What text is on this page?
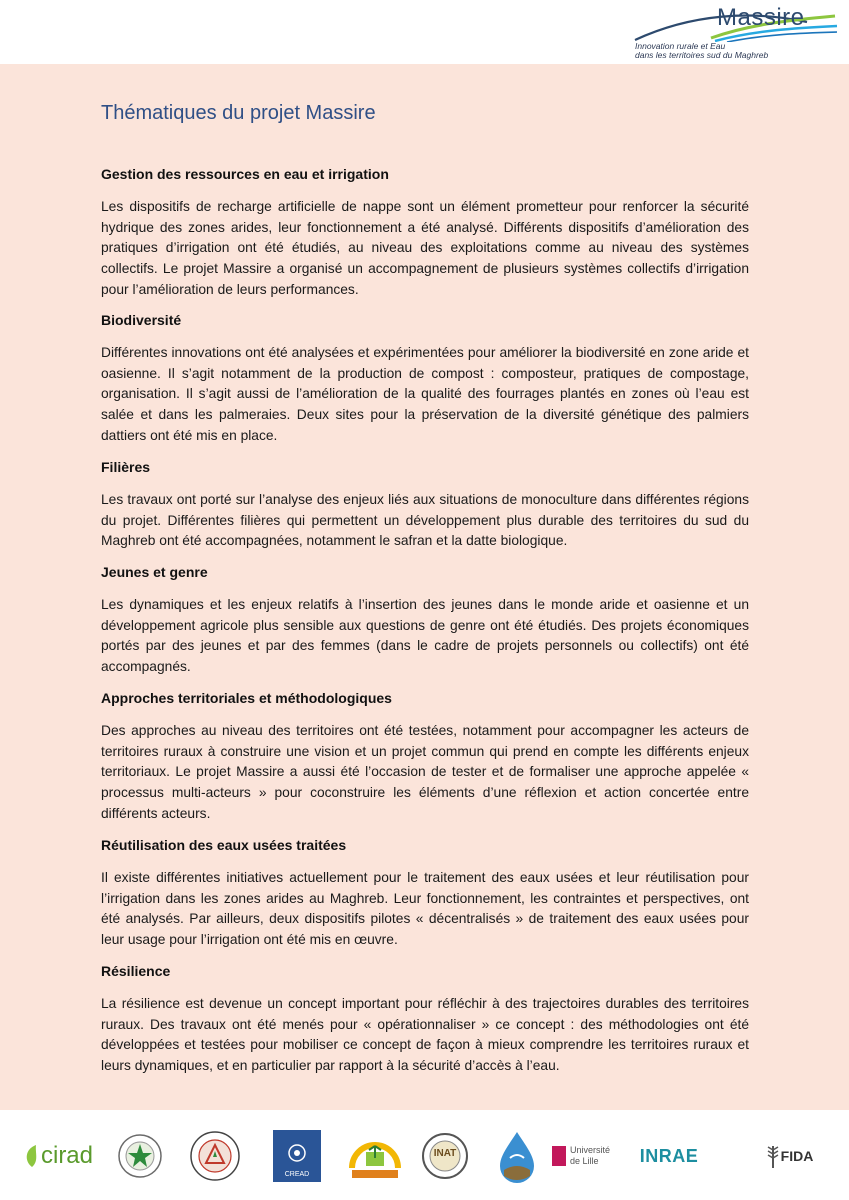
Massire
Innovation rurale et Eau
dans les territoires sud du Maghreb
Thématiques du projet Massire
Gestion des ressources en eau et irrigation

Les dispositifs de recharge artificielle de nappe sont un élément prometteur pour renforcer la sécurité hydrique des zones arides, leur fonctionnement a été analysé. Différents dispositifs d’amélioration des pratiques d’irrigation ont été étudiés, au niveau des exploitations comme au niveau des systèmes collectifs. Le projet Massire a organisé un accompagnement de plusieurs systèmes collectifs d’irrigation pour l’amélioration de leurs performances.

Biodiversité

Différentes innovations ont été analysées et expérimentées pour améliorer la biodiversité en zone aride et oasienne. Il s’agit notamment de la production de compost : composteur, pratiques de compostage, organisation. Il s’agit aussi de l’amélioration de la qualité des fourrages plantés en zones où l’eau est salée et dans les palmeraies. Deux sites pour la préservation de la diversité génétique des palmiers dattiers ont été mis en place.

Filières

Les travaux ont porté sur l’analyse des enjeux liés aux situations de monoculture dans différentes régions du projet. Différentes filières qui permettent un développement plus durable des territoires du sud du Maghreb ont été accompagnées, notamment le safran et la datte biologique.

Jeunes et genre

Les dynamiques et les enjeux relatifs à l’insertion des jeunes dans le monde aride et oasienne et un développement agricole plus sensible aux questions de genre ont été étudiés. Des projets économiques portés par des jeunes et par des femmes (dans le cadre de projets personnels ou collectifs) ont été accompagnés.

Approches territoriales et méthodologiques

Des approches au niveau des territoires ont été testées, notamment pour accompagner les acteurs de territoires ruraux à construire une vision et un projet commun qui prend en compte les différents enjeux territoriaux. Le projet Massire a aussi été l’occasion de tester et de formaliser une approche appelée « processus multi-acteurs » pour coconstruire les éléments d’une réflexion et action concertée entre différents acteurs.

Réutilisation des eaux usées traitées

Il existe différentes initiatives actuellement pour le traitement des eaux usées et leur réutilisation pour l’irrigation dans les zones arides au Maghreb. Leur fonctionnement, les contraintes et perspectives, ont été analysés. Par ailleurs, deux dispositifs pilotes « décentralisés » de traitement des eaux usées pour leur usage pour l’irrigation ont été mis en œuvre.

Résilience

La résilience est devenue un concept important pour réfléchir à des trajectoires durables des territoires ruraux. Des travaux ont été menés pour « opérationnaliser » ce concept : des méthodologies ont été développées et testées pour mobiliser ce concept de façon à mieux comprendre les territoires ruraux et leurs dynamiques, et en particulier par rapport à la sécurité d’accès à l’eau.

cirad
CREAD
INAT	Université
de Lille	INRAE	FIDA
